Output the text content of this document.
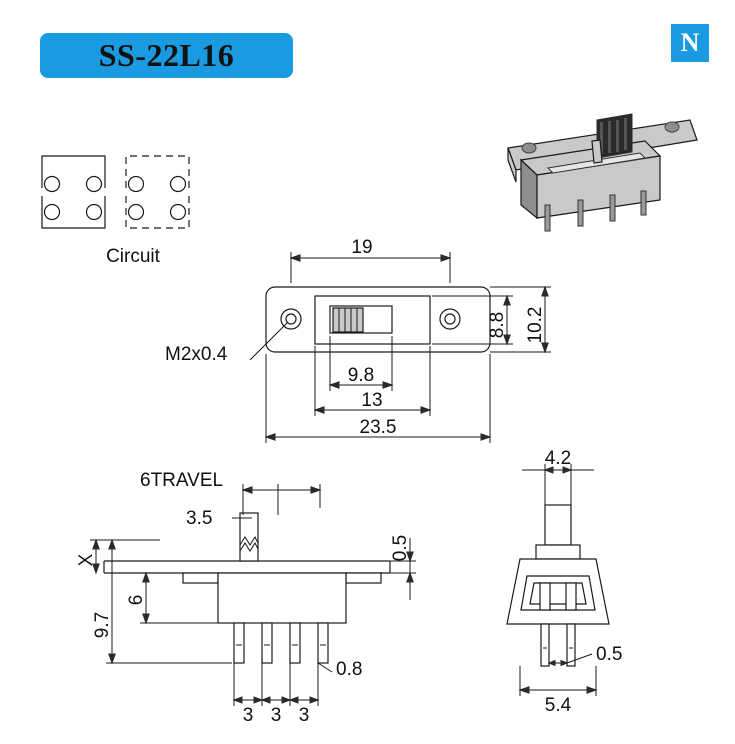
SS-22L16	N
Circuit	19
8.8 10.2
9.8
13
23.5
M2x0.4
6TRAVEL
3.5
X	0.5
6
9.7
0.8
3 3 3
4.2
0.5
5.4
